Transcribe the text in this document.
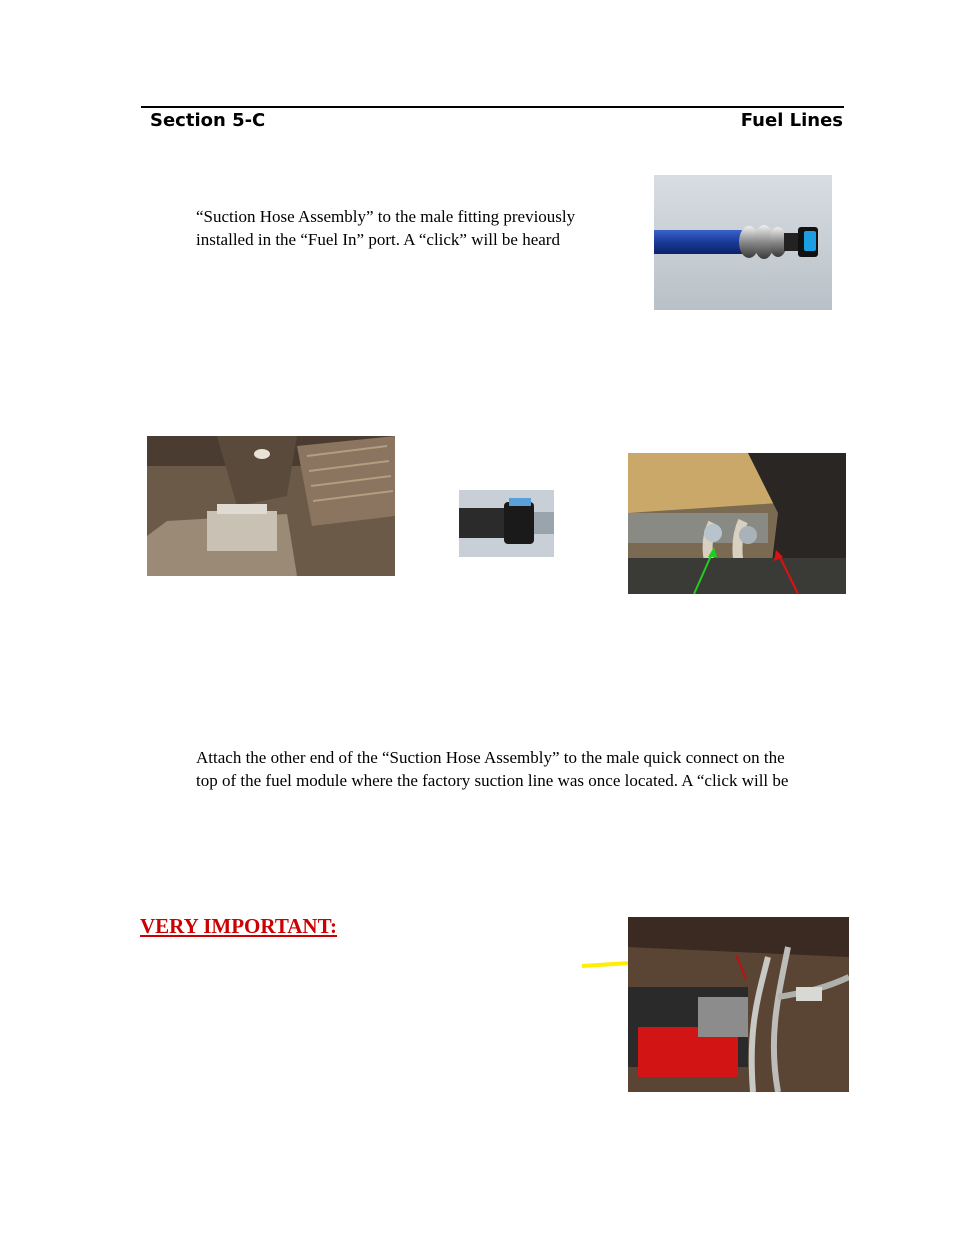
Section 5-C	Fuel Lines
“Suction Hose Assembly” to the male fitting previously
installed in the “Fuel In” port. A “click” will be heard
Attach the other end of the “Suction Hose Assembly” to the male quick connect on the
top of the fuel module where the factory suction line was once located. A “click will be
VERY IMPORTANT:
